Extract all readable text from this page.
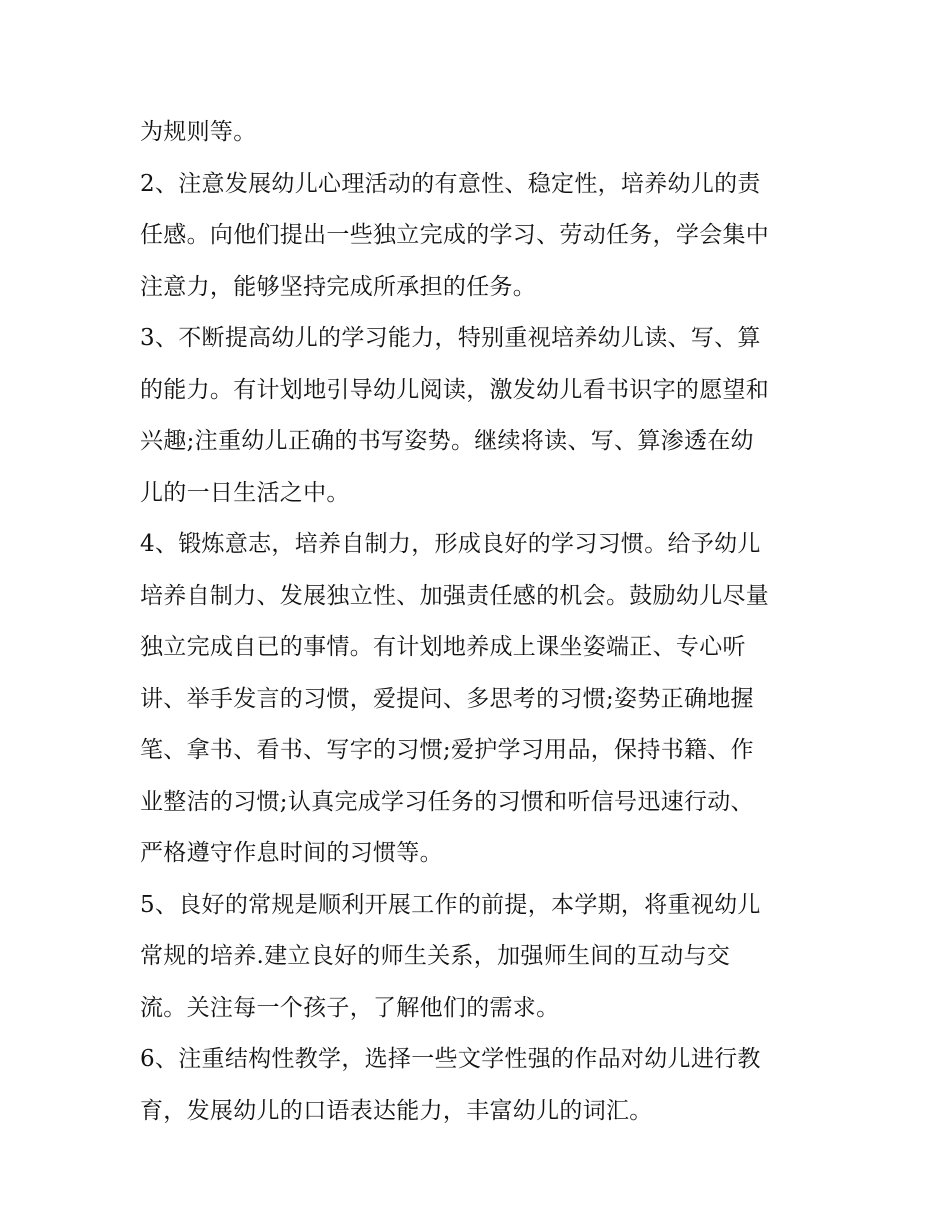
为规则等。
2、注意发展幼儿心理活动的有意性、稳定性，培养幼儿的责
任感。向他们提出一些独立完成的学习、劳动任务，学会集中
注意力，能够坚持完成所承担的任务。
3、不断提高幼儿的学习能力，特别重视培养幼儿读、写、算
的能力。有计划地引导幼儿阅读，激发幼儿看书识字的愿望和
兴趣;注重幼儿正确的书写姿势。继续将读、写、算渗透在幼
儿的一日生活之中。
4、锻炼意志，培养自制力，形成良好的学习习惯。给予幼儿
培养自制力、发展独立性、加强责任感的机会。鼓励幼儿尽量
独立完成自已的事情。有计划地养成上课坐姿端正、专心听
讲、举手发言的习惯，爱提问、多思考的习惯;姿势正确地握
笔、拿书、看书、写字的习惯;爱护学习用品，保持书籍、作
业整洁的习惯;认真完成学习任务的习惯和听信号迅速行动、
严格遵守作息时间的习惯等。
5、良好的常规是顺利开展工作的前提，本学期，将重视幼儿
常规的培养.建立良好的师生关系，加强师生间的互动与交
流。关注每一个孩子，了解他们的需求。
6、注重结构性教学，选择一些文学性强的作品对幼儿进行教
育，发展幼儿的口语表达能力，丰富幼儿的词汇。
